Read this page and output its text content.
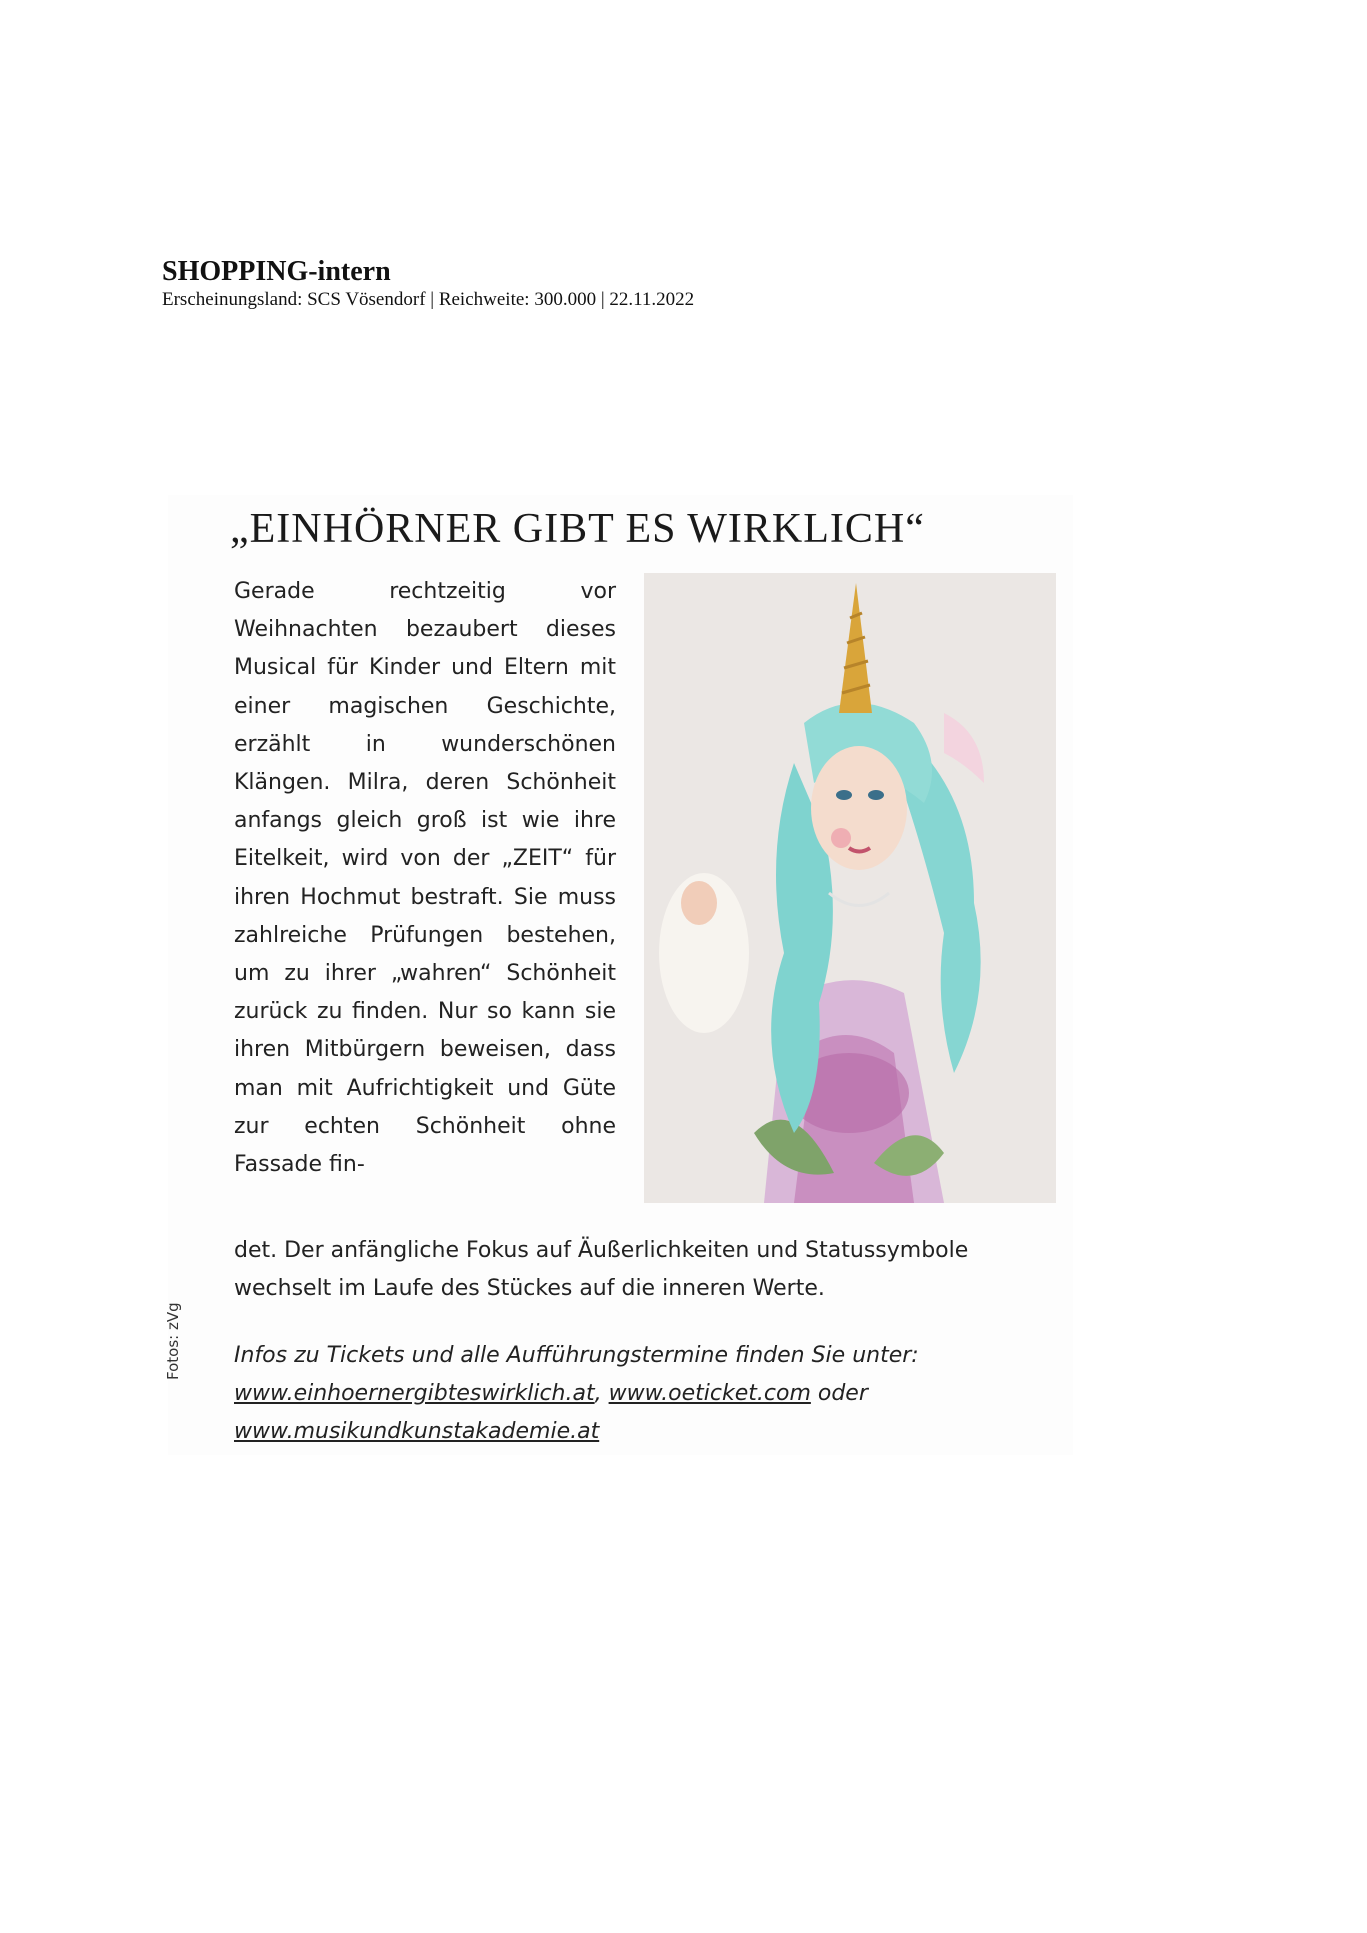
SHOPPING-intern

Erscheinungsland: SCS Vösendorf | Reichweite: 300.000 | 22.11.2022

„EINHÖRNER GIBT ES WIRKLICH“

Gerade rechtzeitig vor Weihnachten bezaubert dieses Musical für Kinder und Eltern mit einer magischen Geschichte, erzählt in wunderschönen Klängen. Milra, deren Schönheit anfangs gleich groß ist wie ihre Eitelkeit, wird von der „ZEIT“ für ihren Hochmut bestraft. Sie muss zahlreiche Prüfungen bestehen, um zu ihrer „wahren“ Schönheit zurück zu finden. Nur so kann sie ihren Mitbürgern beweisen, dass man mit Aufrichtigkeit und Güte zur echten Schönheit ohne Fassade fin-

det. Der anfängliche Fokus auf Äußerlichkeiten und Statussymbole wechselt im Laufe des Stückes auf die inneren Werte.

Infos zu Tickets und alle Aufführungstermine finden Sie unter:
www.einhoernergibteswirklich.at, www.oeticket.com oder
www.musikundkunstakademie.at

Fotos: zVg
